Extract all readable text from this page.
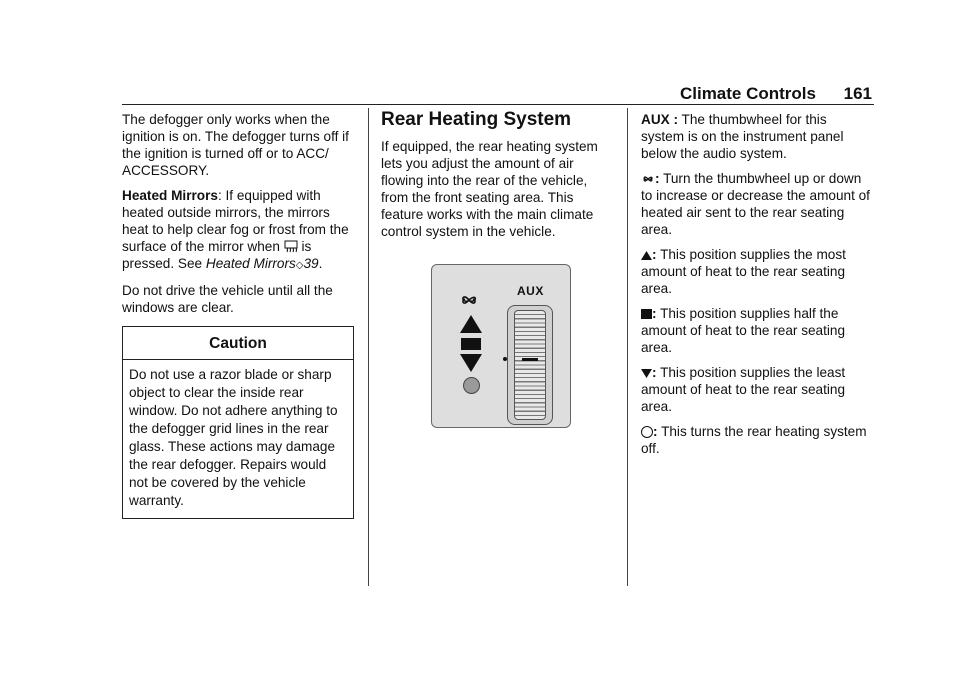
Climate Controls 161

The defogger only works when the ignition is on. The defogger turns off if the ignition is turned off or to ACC/ ACCESSORY.

Heated Mirrors: If equipped with heated outside mirrors, the mirrors heat to help clear fog or frost from the surface of the mirror when is pressed. See Heated Mirrors◇39.

Do not drive the vehicle until all the windows are clear.

Caution
Do not use a razor blade or sharp object to clear the inside rear window. Do not adhere anything to the defogger grid lines in the rear glass. These actions may damage the rear defogger. Repairs would not be covered by the vehicle warranty.
Rear Heating System

If equipped, the rear heating system lets you adjust the amount of air flowing into the rear of the vehicle, from the front seating area. This feature works with the main climate control system in the vehicle.

AUX

AUX : The thumbwheel for this system is on the instrument panel below the audio system.

: Turn the thumbwheel up or down to increase or decrease the amount of heated air sent to the rear seating area.

: This position supplies the most amount of heat to the rear seating area.

: This position supplies half the amount of heat to the rear seating area.

: This position supplies the least amount of heat to the rear seating area.

: This turns the rear heating system off.
